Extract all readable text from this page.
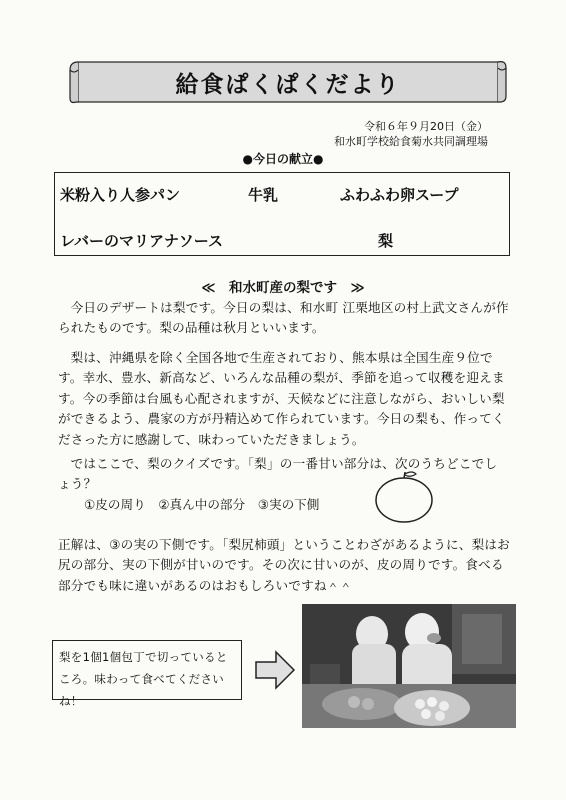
給食ぱくぱくだより
令和６年９月20日（金）
和水町学校給食菊水共同調理場
●今日の献立●
米粉入り人参パン	牛乳	ふわふわ卵スープ
レバーのマリアナソース	梨
≪　和水町産の梨です　≫
今日のデザートは梨です。今日の梨は、和水町 江栗地区の村上武文さんが作られたものです。梨の品種は秋月といいます。
梨は、沖縄県を除く全国各地で生産されており、熊本県は全国生産９位です。幸水、豊水、新高など、いろんな品種の梨が、季節を追って収穫を迎えます。今の季節は台風も心配されますが、天候などに注意しながら、おいしい梨ができるよう、農家の方が丹精込めて作られています。今日の梨も、作ってくださった方に感謝して、味わっていただきましょう。
ではここで、梨のクイズです。「梨」の一番甘い部分は、次のうちどこでしょう？
①皮の周り　②真ん中の部分　③実の下側
正解は、③の実の下側です。「梨尻柿頭」ということわざがあるように、梨はお尻の部分、実の下側が甘いのです。その次に甘いのが、皮の周りです。食べる部分でも味に違いがあるのはおもしろいですね＾＾
梨を1個1個包丁で切っているところ。味わって食べてくださいね！
